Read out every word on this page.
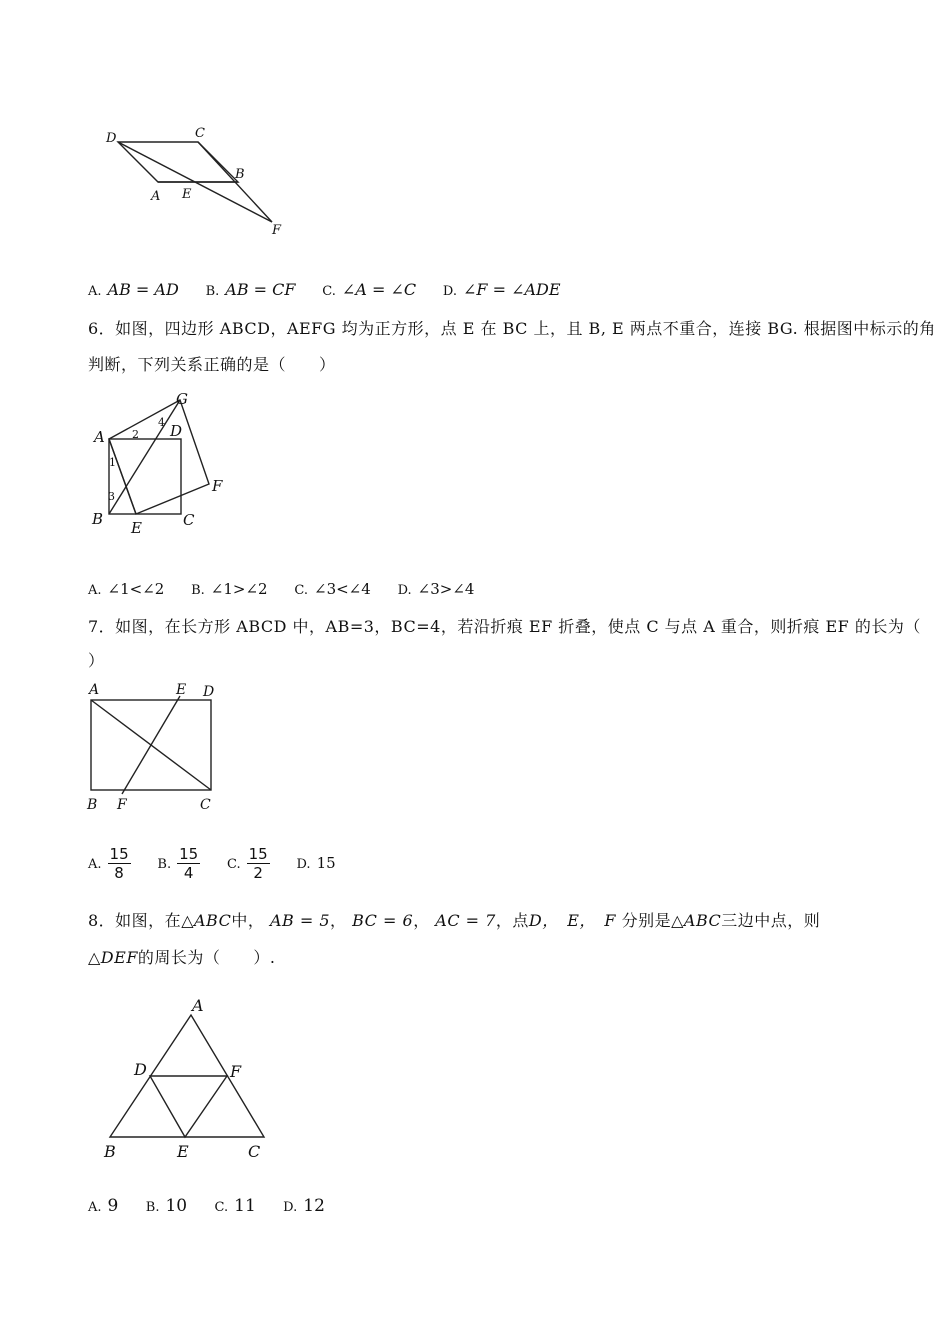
D	C
B
A E
F
A. AB = AD B. AB = CF C. ∠A = ∠C D. ∠F = ∠ADE
6．如图，四边形 ABCD，AEFG 均为正方形，点 E 在 BC 上，且 B, E 两点不重合，连接 BG. 根据图中标示的角
判断，下列关系正确的是（　　）
G
A	D
F
B E	C
1
2
3
4
A. ∠1<∠2 B. ∠1>∠2 C. ∠3<∠4 D. ∠3>∠4
7．如图，在长方形 ABCD 中，AB=3，BC=4，若沿折痕 EF 折叠，使点 C 与点 A 重合，则折痕 EF 的长为（
）
A	E D
B F	C
A. $\frac{15}{8} B$. $\frac{15}{4} C$. $\frac{15}{2} D$. 15
8．如图，在△ABC中， AB = 5， BC = 6， AC = 7，点D，　E，　F 分别是△ABC三边中点，则
△DEF的周长为（　　）.
A
D	F
B	E	C
A. 9 B. 10 C. 11 D. 12
